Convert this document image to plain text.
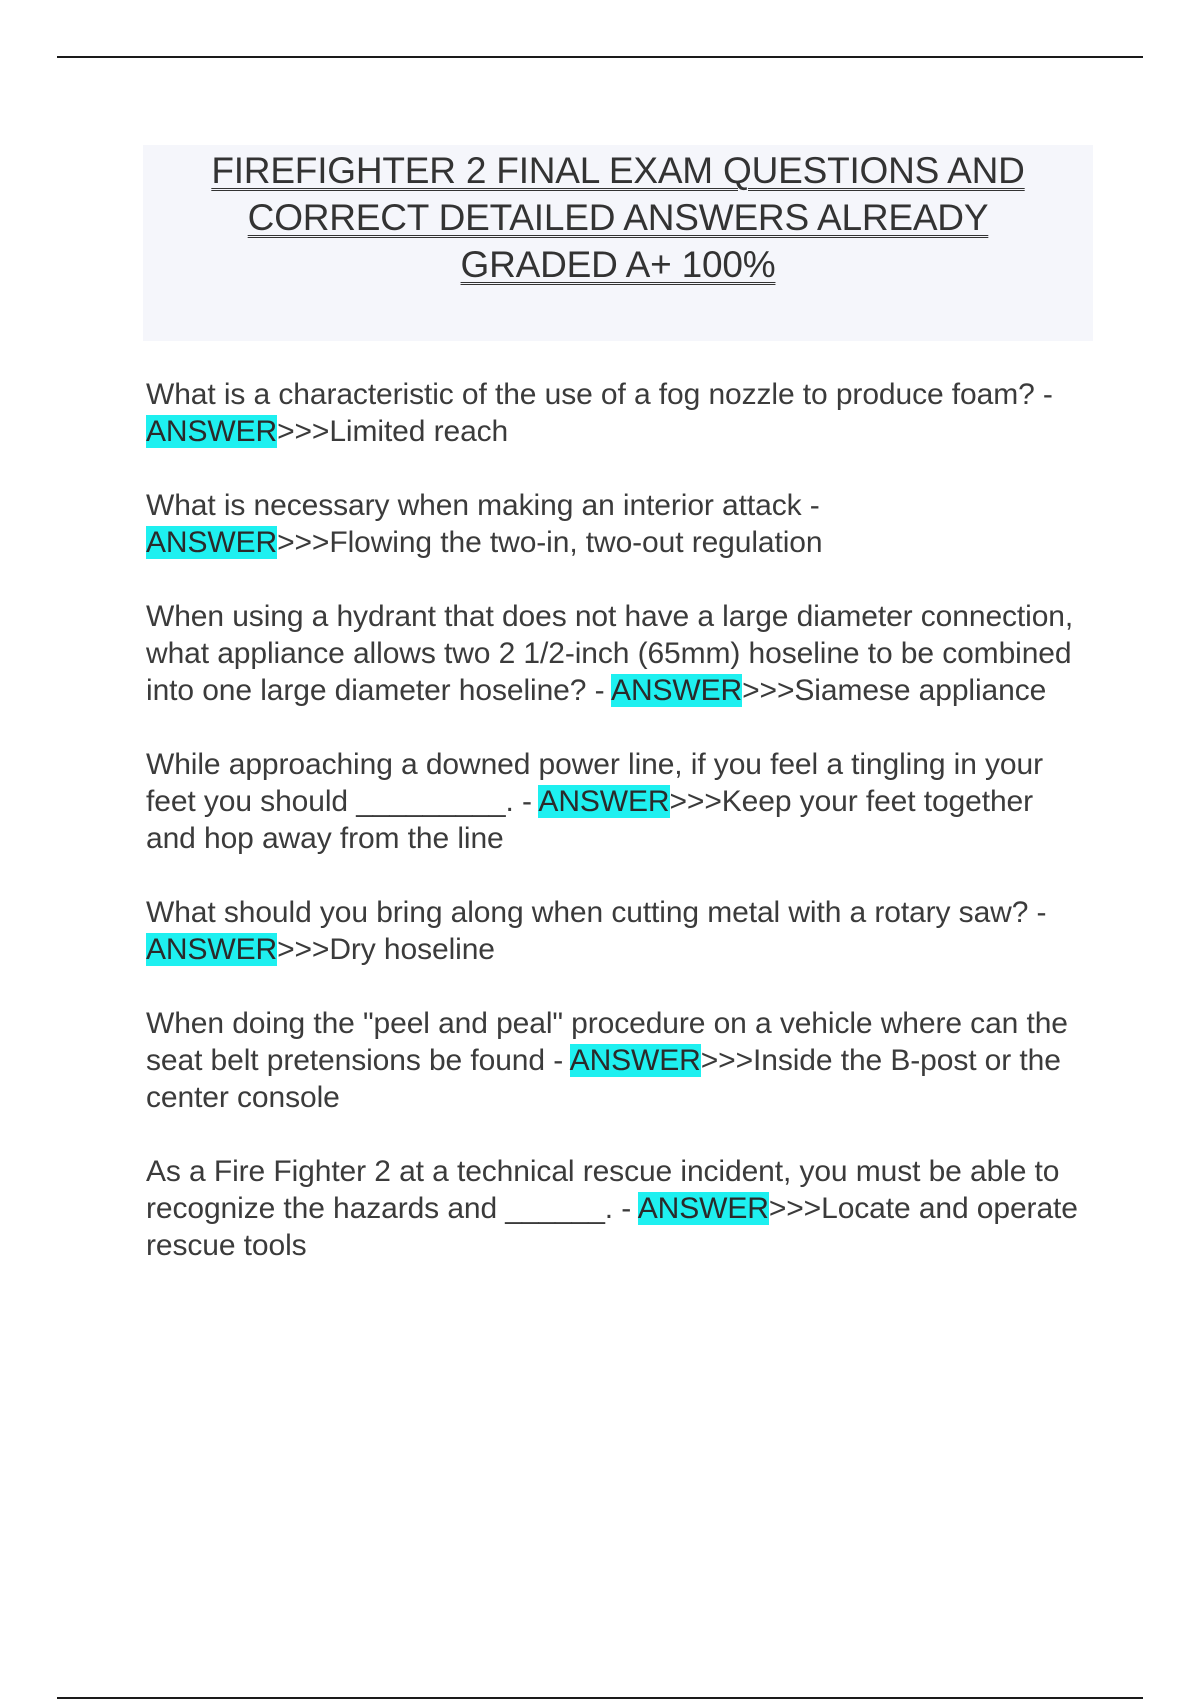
FIREFIGHTER 2 FINAL EXAM QUESTIONS AND
CORRECT DETAILED ANSWERS ALREADY
GRADED A+ 100%

What is a characteristic of the use of a fog nozzle to produce foam? - ANSWER>>>Limited reach

What is necessary when making an interior attack - ANSWER>>>Flowing the two-in, two-out regulation

When using a hydrant that does not have a large diameter connection, what appliance allows two 2 1/2-inch (65mm) hoseline to be combined into one large diameter hoseline? - ANSWER>>>Siamese appliance

While approaching a downed power line, if you feel a tingling in your feet you should _________. - ANSWER>>>Keep your feet together and hop away from the line

What should you bring along when cutting metal with a rotary saw? - ANSWER>>>Dry hoseline

When doing the "peel and peal" procedure on a vehicle where can the seat belt pretensions be found - ANSWER>>>Inside the B-post or the center console

As a Fire Fighter 2 at a technical rescue incident, you must be able to recognize the hazards and ______. - ANSWER>>>Locate and operate rescue tools
